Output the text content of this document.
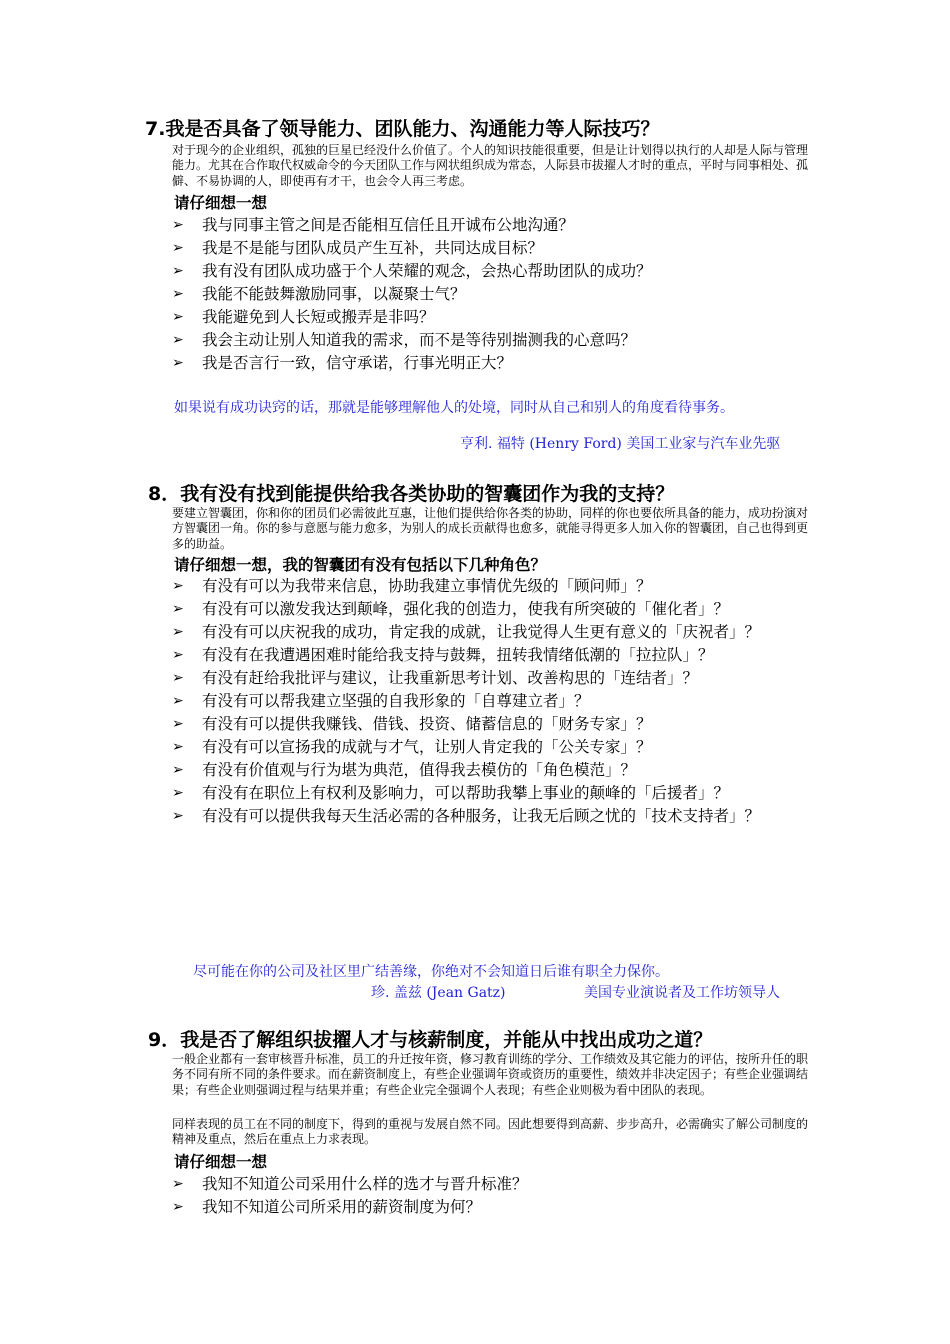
7.我是否具备了领导能力、团队能力、沟通能力等人际技巧？

对于现今的企业组织，孤独的巨星已经没什么价值了。个人的知识技能很重要，但是让计划得以执行的人却是人际与管理能力。尤其在合作取代权威命令的今天团队工作与网状组织成为常态，人际县市拔擢人才时的重点，平时与同事相处、孤僻、不易协调的人，即使再有才干，也会令人再三考虑。

请仔细想一想
➢ 我与同事主管之间是否能相互信任且开诚布公地沟通？
➢ 我是不是能与团队成员产生互补，共同达成目标？
➢ 我有没有团队成功盛于个人荣耀的观念，会热心帮助团队的成功？
➢ 我能不能鼓舞激励同事，以凝聚士气？
➢ 我能避免到人长短或搬弄是非吗？
➢ 我会主动让别人知道我的需求，而不是等待别揣测我的心意吗？
➢ 我是否言行一致，信守承诺，行事光明正大？
如果说有成功诀窍的话，那就是能够理解他人的处境，同时从自己和别人的角度看待事务。
亨利. 福特 (Henry Ford) 美国工业家与汽车业先驱
8．我有没有找到能提供给我各类协助的智囊团作为我的支持？

要建立智囊团，你和你的团员们必需彼此互惠，让他们提供给你各类的协助，同样的你也要依所具备的能力，成功扮演对方智囊团一角。你的参与意愿与能力愈多，为别人的成长贡献得也愈多，就能寻得更多人加入你的智囊团，自己也得到更多的助益。

请仔细想一想，我的智囊团有没有包括以下几种角色？
➢ 有没有可以为我带来信息，协助我建立事情优先级的「顾问师」？
➢ 有没有可以激发我达到颠峰，强化我的创造力，使我有所突破的「催化者」？
➢ 有没有可以庆祝我的成功，肯定我的成就，让我觉得人生更有意义的「庆祝者」？
➢ 有没有在我遭遇困难时能给我支持与鼓舞，扭转我情绪低潮的「拉拉队」？
➢ 有没有赶给我批评与建议，让我重新思考计划、改善构思的「连结者」？
➢ 有没有可以帮我建立坚强的自我形象的「自尊建立者」？
➢ 有没有可以提供我赚钱、借钱、投资、储蓄信息的「财务专家」？
➢ 有没有可以宣扬我的成就与才气，让别人肯定我的「公关专家」？
➢ 有没有价值观与行为堪为典范，值得我去模仿的「角色模范」？
➢ 有没有在职位上有权利及影响力，可以帮助我攀上事业的颠峰的「后援者」？
➢ 有没有可以提供我每天生活必需的各种服务，让我无后顾之忧的「技术支持者」？
尽可能在你的公司及社区里广结善缘，你绝对不会知道日后谁有职全力保你。
珍. 盖兹 (Jean Gatz)	美国专业演说者及工作坊领导人
9．我是否了解组织拔擢人才与核薪制度，并能从中找出成功之道？

一般企业都有一套审核晋升标准，员工的升迁按年资，修习教育训练的学分、工作绩效及其它能力的评估，按所升任的职务不同有所不同的条件要求。而在薪资制度上，有些企业强调年资或资历的重要性，绩效并非决定因子；有些企业强调结果；有些企业则强调过程与结果并重；有些企业完全强调个人表现；有些企业则极为看中团队的表现。

同样表现的员工在不同的制度下，得到的重视与发展自然不同。因此想要得到高薪、步步高升，必需确实了解公司制度的精神及重点，然后在重点上力求表现。

请仔细想一想
➢ 我知不知道公司采用什么样的选才与晋升标准？
➢ 我知不知道公司所采用的薪资制度为何？
